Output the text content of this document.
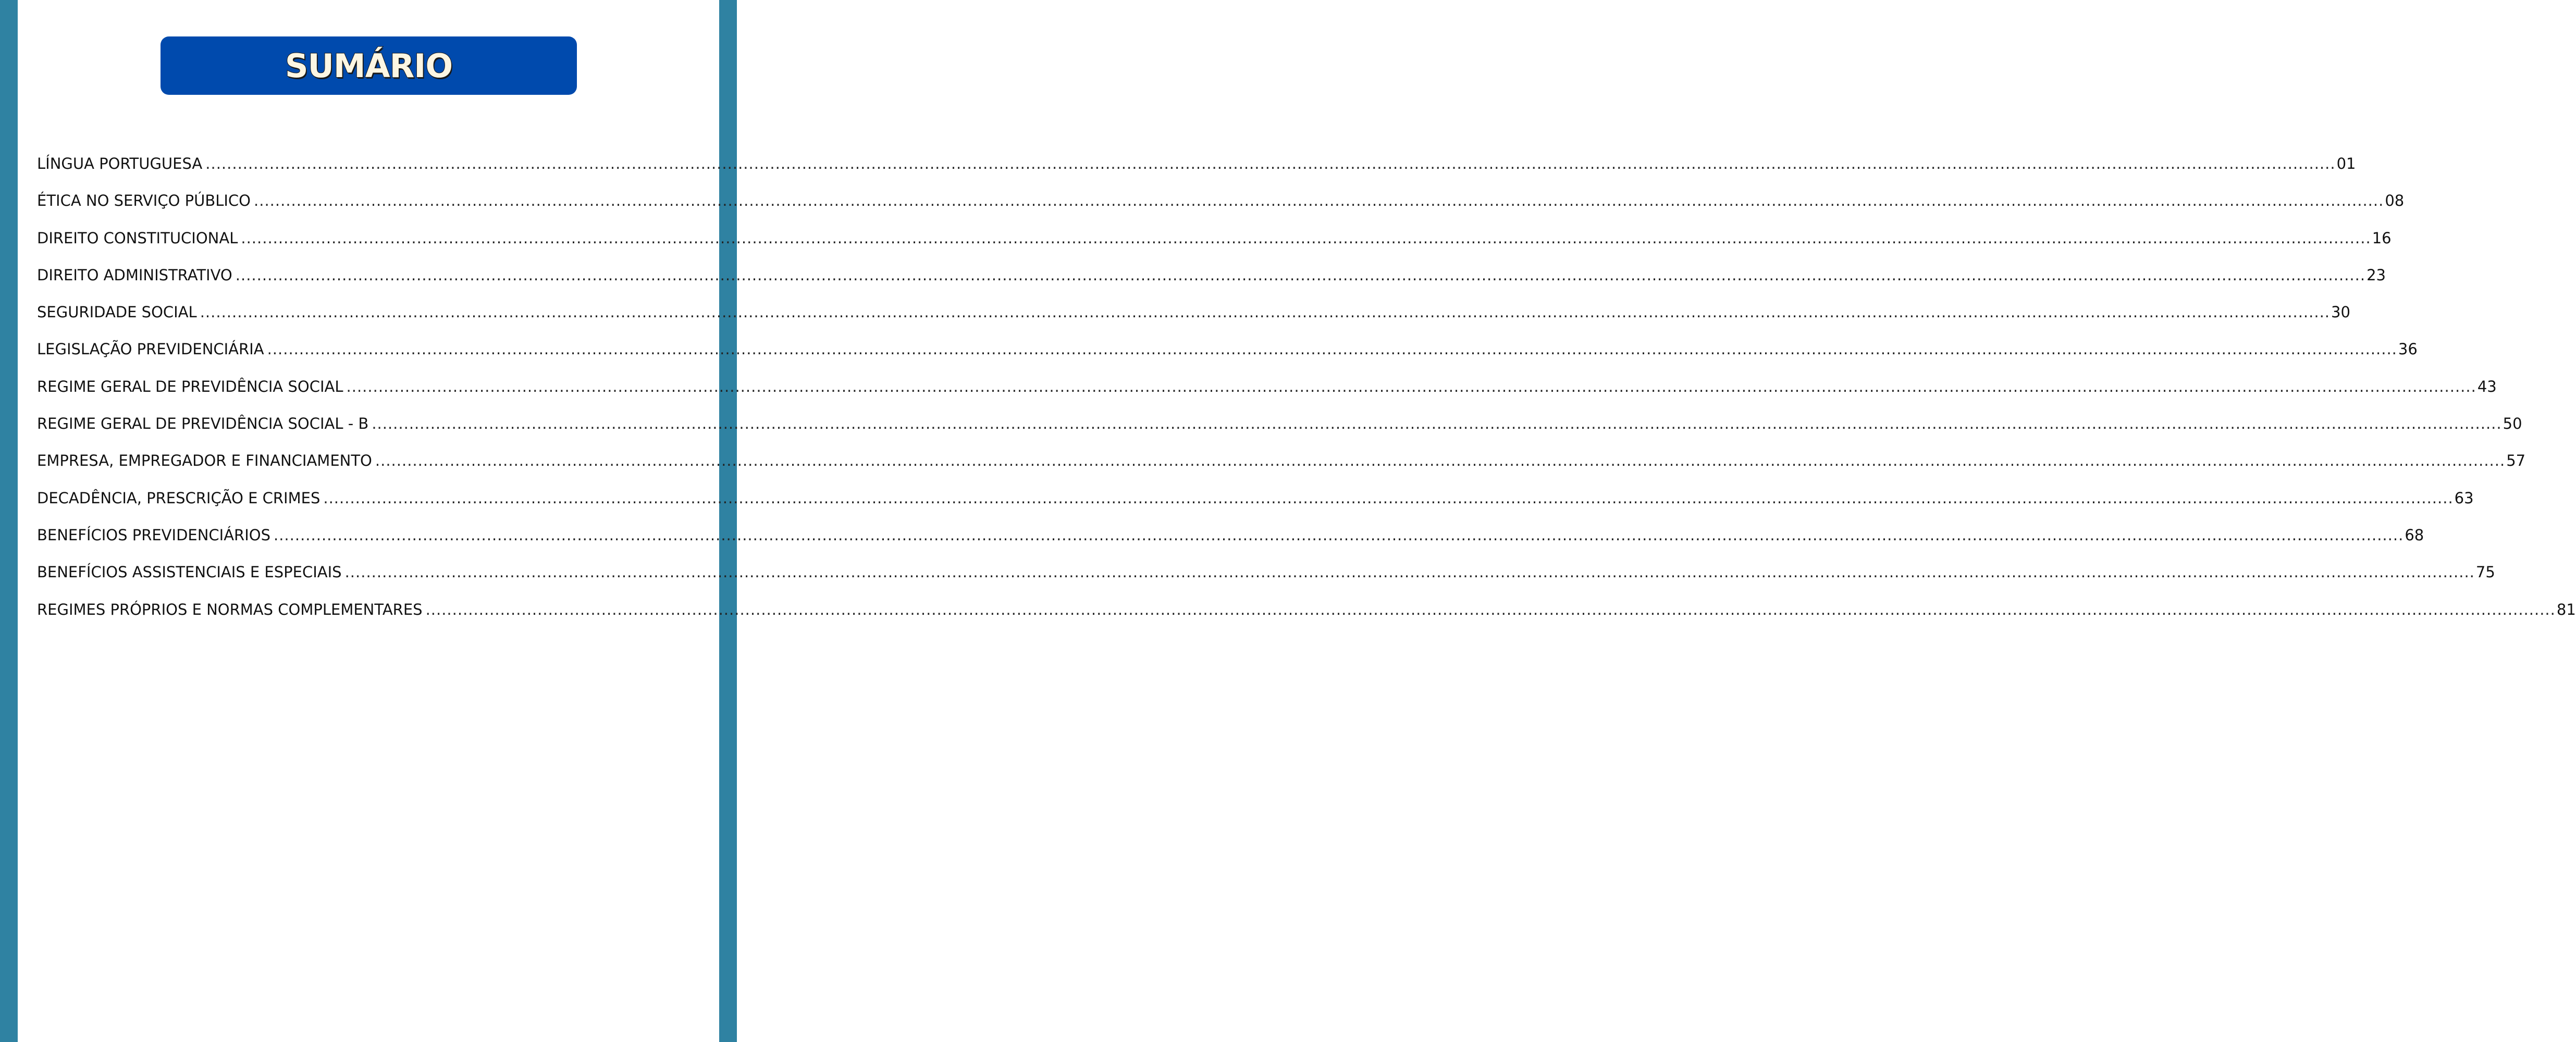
SUMÁRIO
LÍNGUA PORTUGUESA ................................................................................................................................................................................................................................................................................................................................................................................................................ 01
ÉTICA NO SERVIÇO PÚBLICO ................................................................................................................................................................................................................................................................................................................................................................................................................ 08
DIREITO CONSTITUCIONAL ................................................................................................................................................................................................................................................................................................................................................................................................................ 16
DIREITO ADMINISTRATIVO ................................................................................................................................................................................................................................................................................................................................................................................................................ 23
SEGURIDADE SOCIAL ................................................................................................................................................................................................................................................................................................................................................................................................................ 30
LEGISLAÇÃO PREVIDENCIÁRIA ................................................................................................................................................................................................................................................................................................................................................................................................................ 36
REGIME GERAL DE PREVIDÊNCIA SOCIAL ................................................................................................................................................................................................................................................................................................................................................................................................................ 43
REGIME GERAL DE PREVIDÊNCIA SOCIAL - B ................................................................................................................................................................................................................................................................................................................................................................................................................ 50
EMPRESA, EMPREGADOR E FINANCIAMENTO ................................................................................................................................................................................................................................................................................................................................................................................................................ 57
DECADÊNCIA, PRESCRIÇÃO E CRIMES ................................................................................................................................................................................................................................................................................................................................................................................................................ 63
BENEFÍCIOS PREVIDENCIÁRIOS ................................................................................................................................................................................................................................................................................................................................................................................................................ 68
BENEFÍCIOS ASSISTENCIAIS E ESPECIAIS ................................................................................................................................................................................................................................................................................................................................................................................................................ 75
REGIMES PRÓPRIOS E NORMAS COMPLEMENTARES ................................................................................................................................................................................................................................................................................................................................................................................................................ 81
